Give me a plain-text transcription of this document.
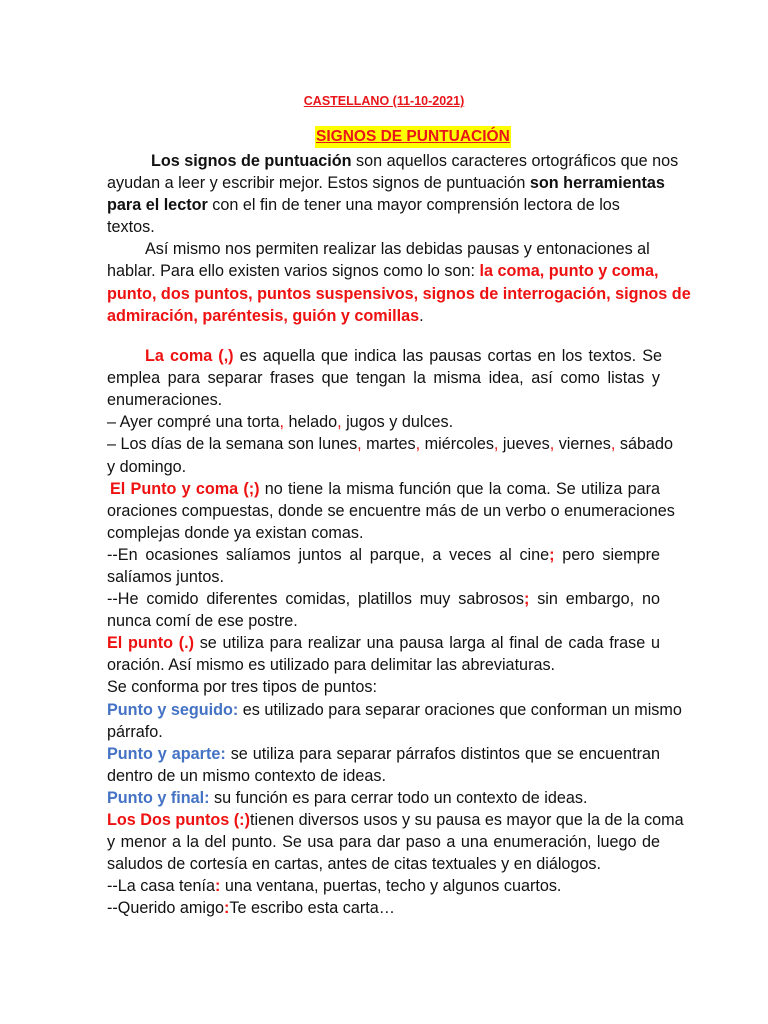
CASTELLANO (11-10-2021)
SIGNOS DE PUNTUACIÓN
Los signos de puntuación son aquellos caracteres ortográficos que nos
ayudan a leer y escribir mejor. Estos signos de puntuación son herramientas
para el lector con el fin de tener una mayor comprensión lectora de los
textos.
Así mismo nos permiten realizar las debidas pausas y entonaciones al
hablar. Para ello existen varios signos como lo son: la coma, punto y coma,
punto, dos puntos, puntos suspensivos, signos de interrogación, signos de
admiración, paréntesis, guión y comillas.
La coma (,) es aquella que indica las pausas cortas en los textos. Se
emplea para separar frases que tengan la misma idea, así como listas y
enumeraciones.
– Ayer compré una torta, helado, jugos y dulces.
– Los días de la semana son lunes, martes, miércoles, jueves, viernes, sábado
y domingo.
El Punto y coma (;) no tiene la misma función que la coma. Se utiliza para
oraciones compuestas, donde se encuentre más de un verbo o enumeraciones
complejas donde ya existan comas.
--En ocasiones salíamos juntos al parque, a veces al cine; pero siempre
salíamos juntos.
--He comido diferentes comidas, platillos muy sabrosos; sin embargo, no
nunca comí de ese postre.
El punto (.) se utiliza para realizar una pausa larga al final de cada frase u
oración. Así mismo es utilizado para delimitar las abreviaturas.
Se conforma por tres tipos de puntos:
Punto y seguido: es utilizado para separar oraciones que conforman un mismo
párrafo.
Punto y aparte: se utiliza para separar párrafos distintos que se encuentran
dentro de un mismo contexto de ideas.
Punto y final: su función es para cerrar todo un contexto de ideas.
Los Dos puntos (:)tienen diversos usos y su pausa es mayor que la de la coma
y menor a la del punto. Se usa para dar paso a una enumeración, luego de
saludos de cortesía en cartas, antes de citas textuales y en diálogos.
--La casa tenía: una ventana, puertas, techo y algunos cuartos.
--Querido amigo:Te escribo esta carta…
